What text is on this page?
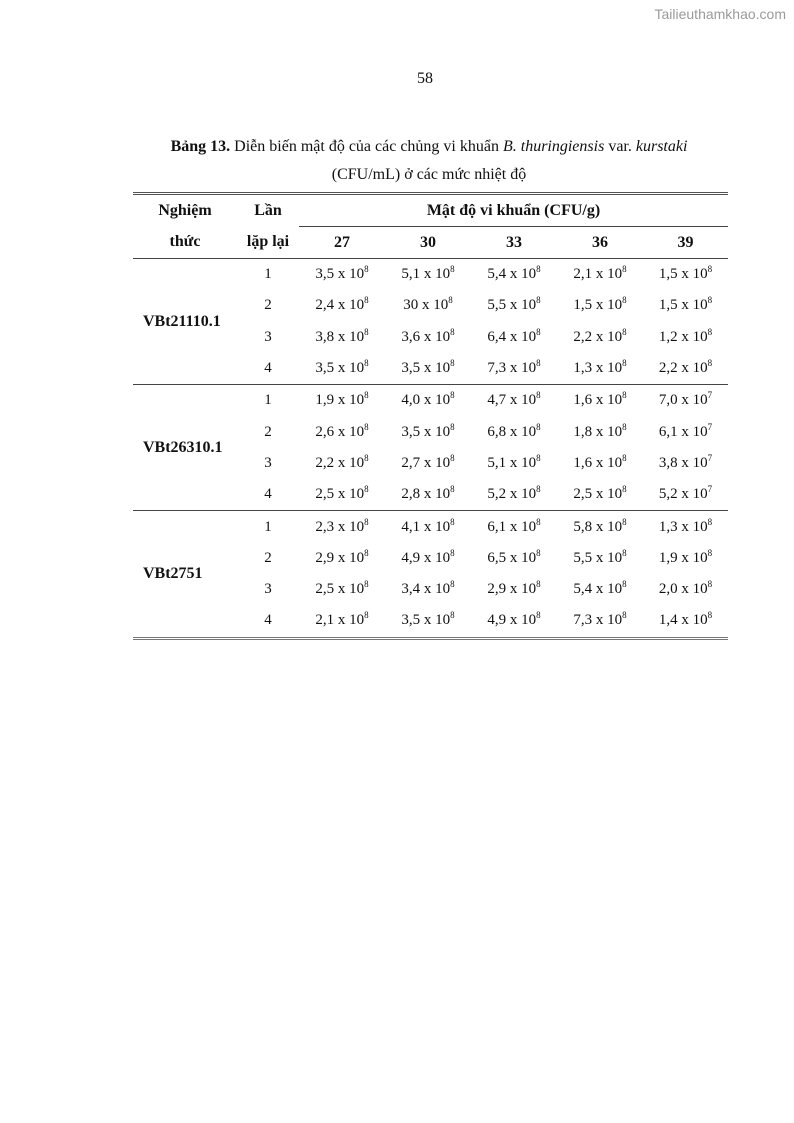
Tailieuthamkhao.com
58
Bảng 13. Diễn biến mật độ của các chủng vi khuẩn B. thuringiensis var. kurstaki
(CFU/mL) ở các mức nhiệt độ
Nghiệm	Lần	Mật độ vi khuẩn (CFU/g)				
thức	lặp lại	27	30	33	36	39
VBt21110.1	1	3,5 x $10^8$	5,1 x $10^8$	5,4 x $10^8$	2,1 x $10^8$	1,5 x $10^8$
	2	2,4 x $10^8$	30 x $10^8$	5,5 x $10^8$	1,5 x $10^8$	1,5 x $10^8$
	3	3,8 x $10^8$	3,6 x $10^8$	6,4 x $10^8$	2,2 x $10^8$	1,2 x $10^8$
	4	3,5 x $10^8$	3,5 x $10^8$	7,3 x $10^8$	1,3 x $10^8$	2,2 x $10^8$
VBt26310.1	1	1,9 x $10^8$	4,0 x $10^8$	4,7 x $10^8$	1,6 x $10^8$	7,0 x $10^7$
	2	2,6 x $10^8$	3,5 x $10^8$	6,8 x $10^8$	1,8 x $10^8$	6,1 x $10^7$
	3	2,2 x $10^8$	2,7 x $10^8$	5,1 x $10^8$	1,6 x $10^8$	3,8 x $10^7$
	4	2,5 x $10^8$	2,8 x $10^8$	5,2 x $10^8$	2,5 x $10^8$	5,2 x $10^7$
VBt2751	1	2,3 x $10^8$	4,1 x $10^8$	6,1 x $10^8$	5,8 x $10^8$	1,3 x $10^8$
	2	2,9 x $10^8$	4,9 x $10^8$	6,5 x $10^8$	5,5 x $10^8$	1,9 x $10^8$
	3	2,5 x $10^8$	3,4 x $10^8$	2,9 x $10^8$	5,4 x $10^8$	2,0 x $10^8$
	4	2,1 x $10^8$	3,5 x $10^8$	4,9 x $10^8$	7,3 x $10^8$	1,4 x $10^8$
